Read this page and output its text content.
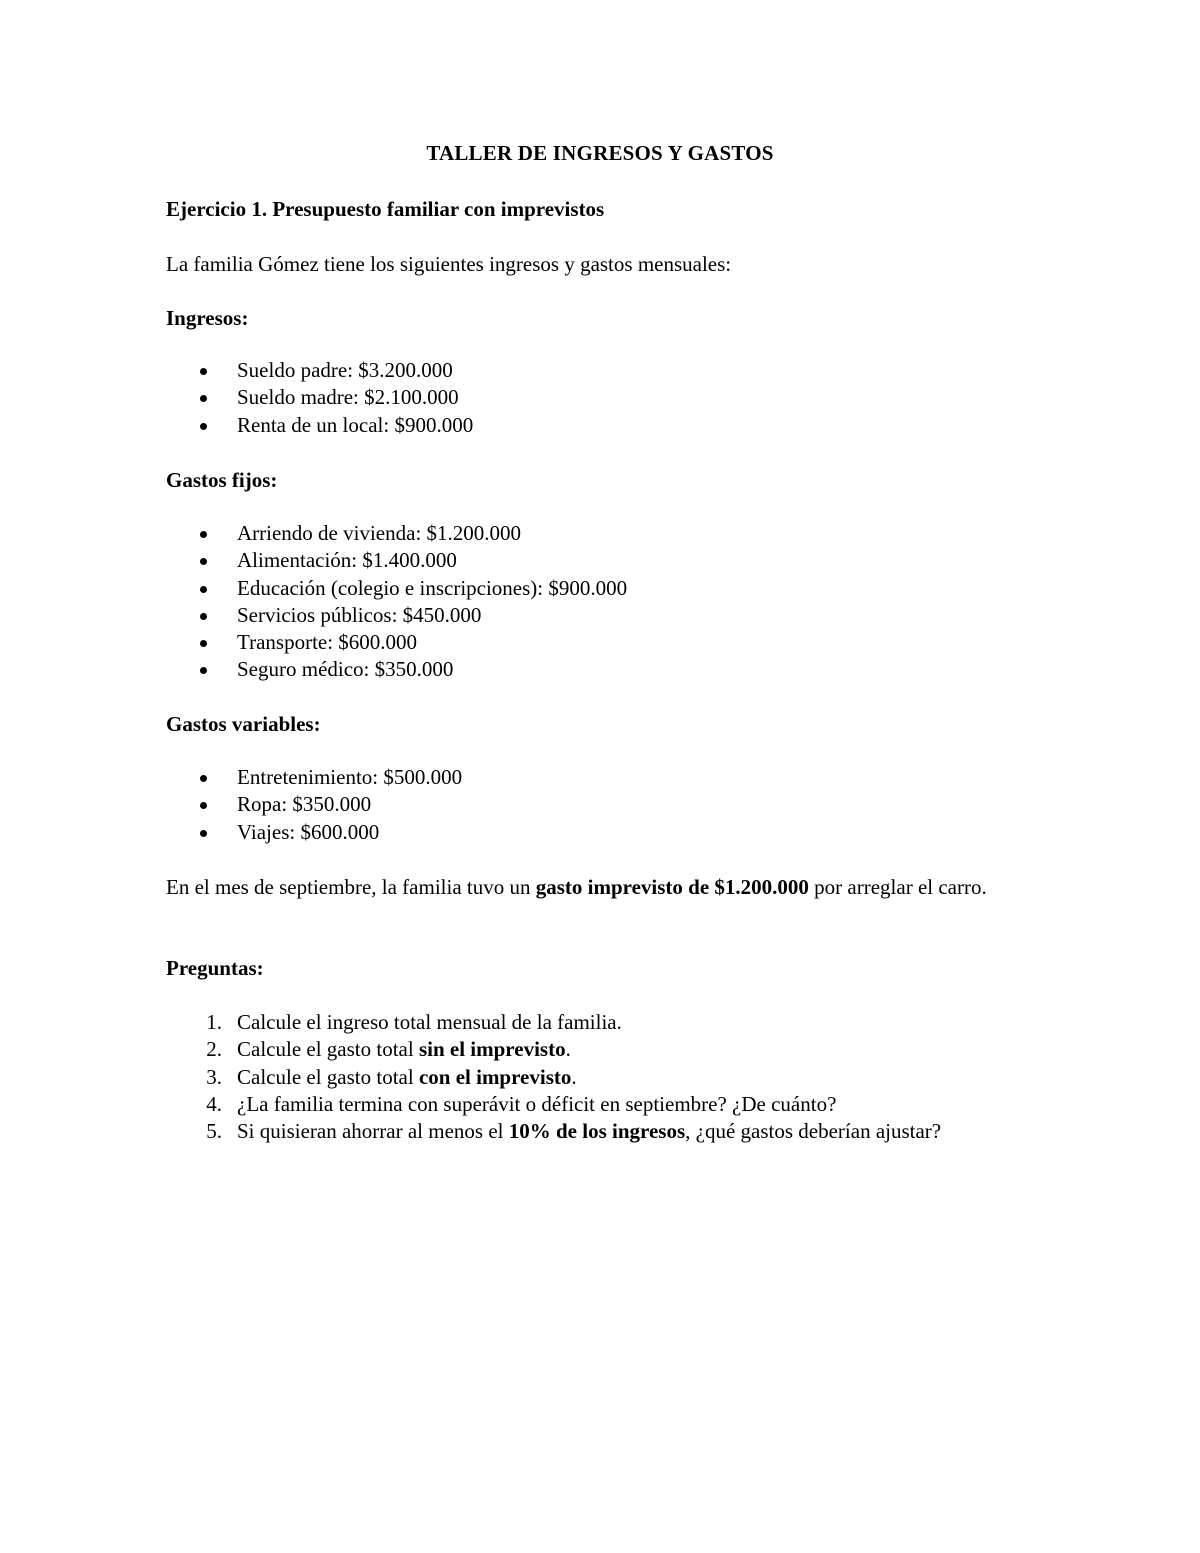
TALLER DE INGRESOS Y GASTOS
Ejercicio 1. Presupuesto familiar con imprevistos
La familia Gómez tiene los siguientes ingresos y gastos mensuales:
Ingresos:
Sueldo padre: $3.200.000
Sueldo madre: $2.100.000
Renta de un local: $900.000
Gastos fijos:
Arriendo de vivienda: $1.200.000
Alimentación: $1.400.000
Educación (colegio e inscripciones): $900.000
Servicios públicos: $450.000
Transporte: $600.000
Seguro médico: $350.000
Gastos variables:
Entretenimiento: $500.000
Ropa: $350.000
Viajes: $600.000
En el mes de septiembre, la familia tuvo un gasto imprevisto de $1.200.000 por arreglar el carro.
Preguntas:
1. Calcule el ingreso total mensual de la familia.
2. Calcule el gasto total sin el imprevisto.
3. Calcule el gasto total con el imprevisto.
4. ¿La familia termina con superávit o déficit en septiembre? ¿De cuánto?
5. Si quisieran ahorrar al menos el 10% de los ingresos, ¿qué gastos deberían ajustar?
